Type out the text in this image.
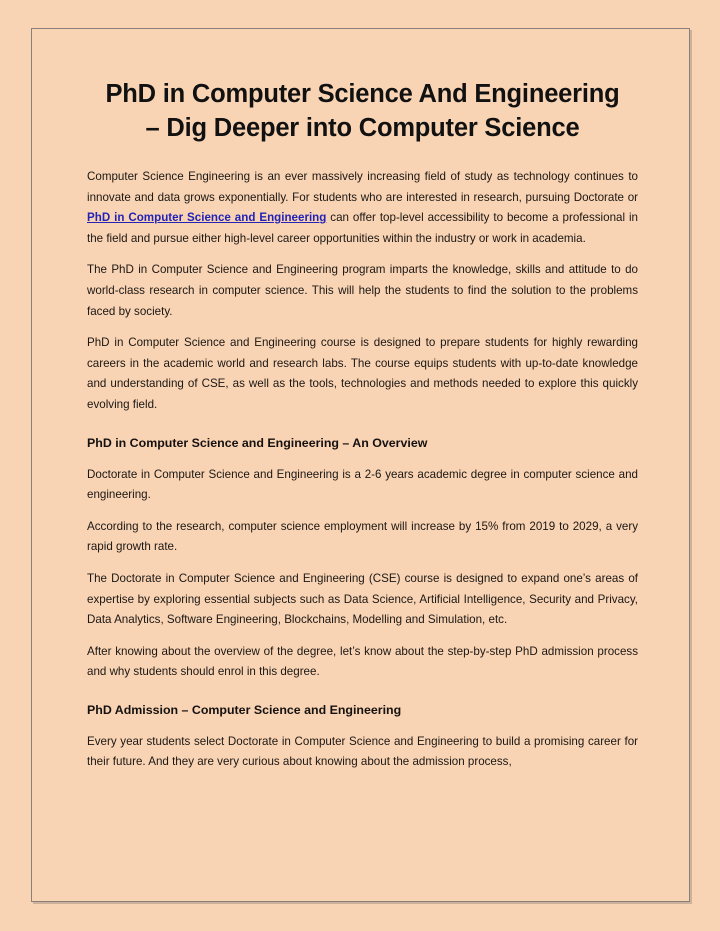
PhD in Computer Science And Engineering
– Dig Deeper into Computer Science

Computer Science Engineering is an ever massively increasing field of study as technology continues to innovate and data grows exponentially. For students who are interested in research, pursuing Doctorate or PhD in Computer Science and Engineering can offer top-level accessibility to become a professional in the field and pursue either high-level career opportunities within the industry or work in academia.

The PhD in Computer Science and Engineering program imparts the knowledge, skills and attitude to do world-class research in computer science. This will help the students to find the solution to the problems faced by society.

PhD in Computer Science and Engineering course is designed to prepare students for highly rewarding careers in the academic world and research labs. The course equips students with up-to-date knowledge and understanding of CSE, as well as the tools, technologies and methods needed to explore this quickly evolving field.

PhD in Computer Science and Engineering – An Overview

Doctorate in Computer Science and Engineering is a 2-6 years academic degree in computer science and engineering.

According to the research, computer science employment will increase by 15% from 2019 to 2029, a very rapid growth rate.

The Doctorate in Computer Science and Engineering (CSE) course is designed to expand one’s areas of expertise by exploring essential subjects such as Data Science, Artificial Intelligence, Security and Privacy, Data Analytics, Software Engineering, Blockchains, Modelling and Simulation, etc.

After knowing about the overview of the degree, let’s know about the step-by-step PhD admission process and why students should enrol in this degree.

PhD Admission – Computer Science and Engineering

Every year students select Doctorate in Computer Science and Engineering to build a promising career for their future. And they are very curious about knowing about the admission process,
